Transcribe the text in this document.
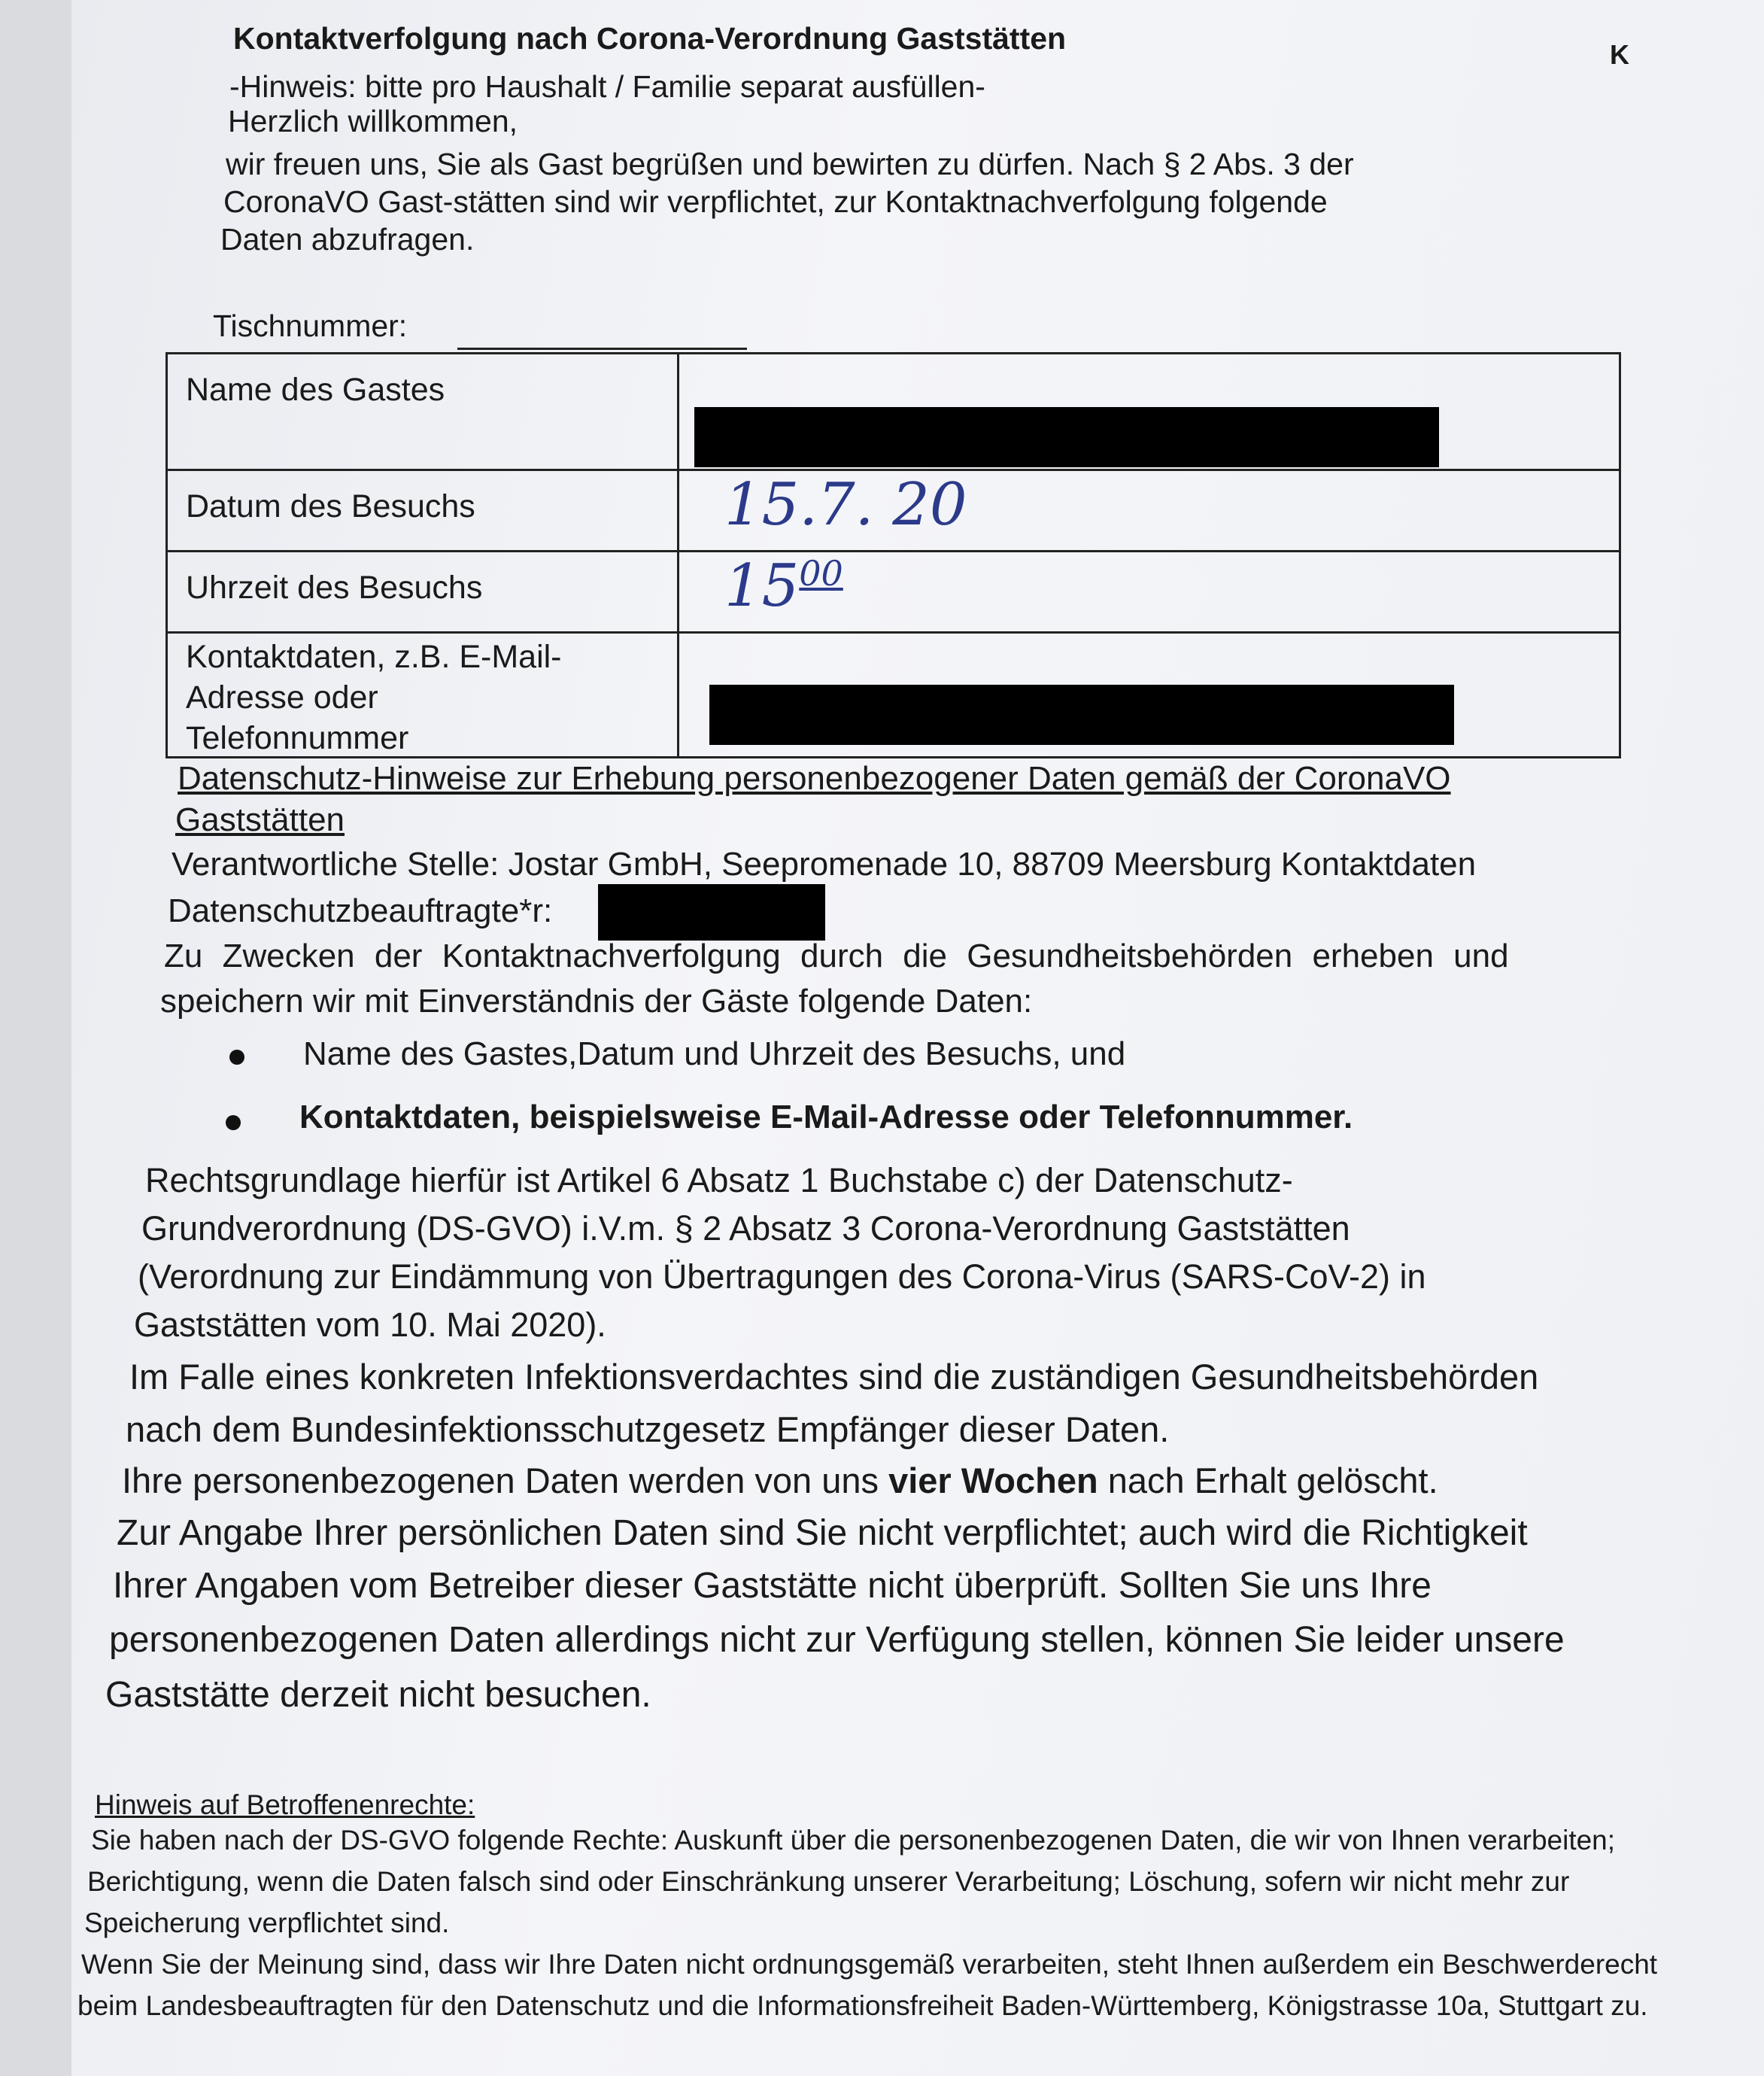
Kontaktverfolgung nach Corona-Verordnung Gaststätten	K
-Hinweis: bitte pro Haushalt / Familie separat ausfüllen-
Herzlich willkommen,
wir freuen uns, Sie als Gast begrüßen und bewirten zu dürfen. Nach § 2 Abs. 3 der
CoronaVO Gast-stätten sind wir verpflichtet, zur Kontaktnachverfolgung folgende
Daten abzufragen.
Tischnummer:
Name des Gastes
Datum des Besuchs	15.7. 20
Uhrzeit des Besuchs	$15^{00}$
Kontaktdaten, z.B. E-Mail-
Adresse oder
Telefonnummer
Datenschutz-Hinweise zur Erhebung personenbezogener Daten gemäß der CoronaVO
Gaststätten
Verantwortliche Stelle: Jostar GmbH, Seepromenade 10, 88709 Meersburg Kontaktdaten
Datenschutzbeauftragte*r:
Zu Zwecken der Kontaktnachverfolgung durch die Gesundheitsbehörden erheben und
speichern wir mit Einverständnis der Gäste folgende Daten:
Name des Gastes,Datum und Uhrzeit des Besuchs, und
Kontaktdaten, beispielsweise E-Mail-Adresse oder Telefonnummer.
Rechtsgrundlage hierfür ist Artikel 6 Absatz 1 Buchstabe c) der Datenschutz-
Grundverordnung (DS-GVO) i.V.m. § 2 Absatz 3 Corona-Verordnung Gaststätten
(Verordnung zur Eindämmung von Übertragungen des Corona-Virus (SARS-CoV-2) in
Gaststätten vom 10. Mai 2020).
Im Falle eines konkreten Infektionsverdachtes sind die zuständigen Gesundheitsbehörden
nach dem Bundesinfektionsschutzgesetz Empfänger dieser Daten.
Ihre personenbezogenen Daten werden von uns vier Wochen nach Erhalt gelöscht.
Zur Angabe Ihrer persönlichen Daten sind Sie nicht verpflichtet; auch wird die Richtigkeit
Ihrer Angaben vom Betreiber dieser Gaststätte nicht überprüft. Sollten Sie uns Ihre
personenbezogenen Daten allerdings nicht zur Verfügung stellen, können Sie leider unsere
Gaststätte derzeit nicht besuchen.
Hinweis auf Betroffenenrechte:
Sie haben nach der DS-GVO folgende Rechte: Auskunft über die personenbezogenen Daten, die wir von Ihnen verarbeiten;
Berichtigung, wenn die Daten falsch sind oder Einschränkung unserer Verarbeitung; Löschung, sofern wir nicht mehr zur
Speicherung verpflichtet sind.
Wenn Sie der Meinung sind, dass wir Ihre Daten nicht ordnungsgemäß verarbeiten, steht Ihnen außerdem ein Beschwerderecht
beim Landesbeauftragten für den Datenschutz und die Informationsfreiheit Baden-Württemberg, Königstrasse 10a, Stuttgart zu.
